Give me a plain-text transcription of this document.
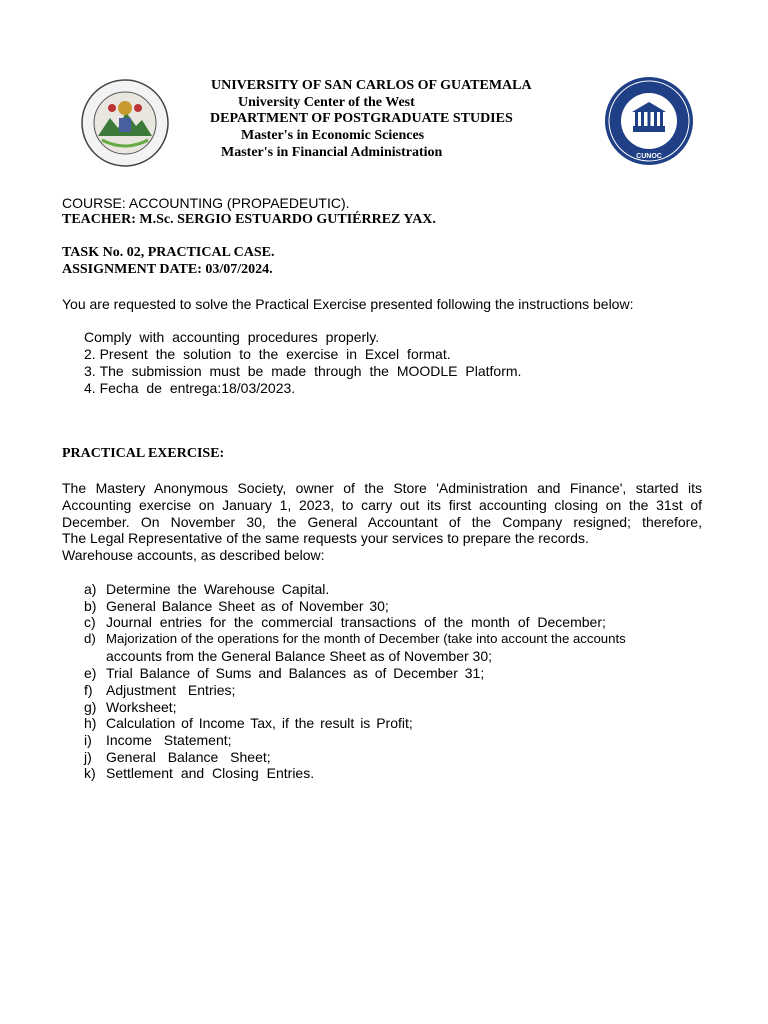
UNIVERSITY OF SAN CARLOS OF GUATEMALA
University Center of the West
DEPARTMENT OF POSTGRADUATE STUDIES
Master's in Economic Sciences
Master's in Financial Administration	CUNOC
COURSE: ACCOUNTING (PROPAEDEUTIC).
TEACHER: M.Sc. SERGIO ESTUARDO GUTIÉRREZ YAX.
TASK No. 02, PRACTICAL CASE.
ASSIGNMENT DATE: 03/07/2024.
You are requested to solve the Practical Exercise presented following the instructions below:
Comply with accounting procedures properly.
2. Present the solution to the exercise in Excel format.
3. The submission must be made through the MOODLE Platform.
4. Fecha de entrega:18/03/2023.
PRACTICAL EXERCISE:
The Mastery Anonymous Society, owner of the Store 'Administration and Finance', started its
Accounting exercise on January 1, 2023, to carry out its first accounting closing on the 31st of
December. On November 30, the General Accountant of the Company resigned; therefore,
The Legal Representative of the same requests your services to prepare the records.
Warehouse accounts, as described below:
a) Determine the Warehouse Capital.
b) General Balance Sheet as of November 30;
c) Journal entries for the commercial transactions of the month of December;
d) Majorization of the operations for the month of December (take into account the accounts
accounts from the General Balance Sheet as of November 30;
e) Trial Balance of Sums and Balances as of December 31;
f) Adjustment Entries;
g) Worksheet;
h) Calculation of Income Tax, if the result is Profit;
i) Income Statement;
j) General Balance Sheet;
k) Settlement and Closing Entries.
